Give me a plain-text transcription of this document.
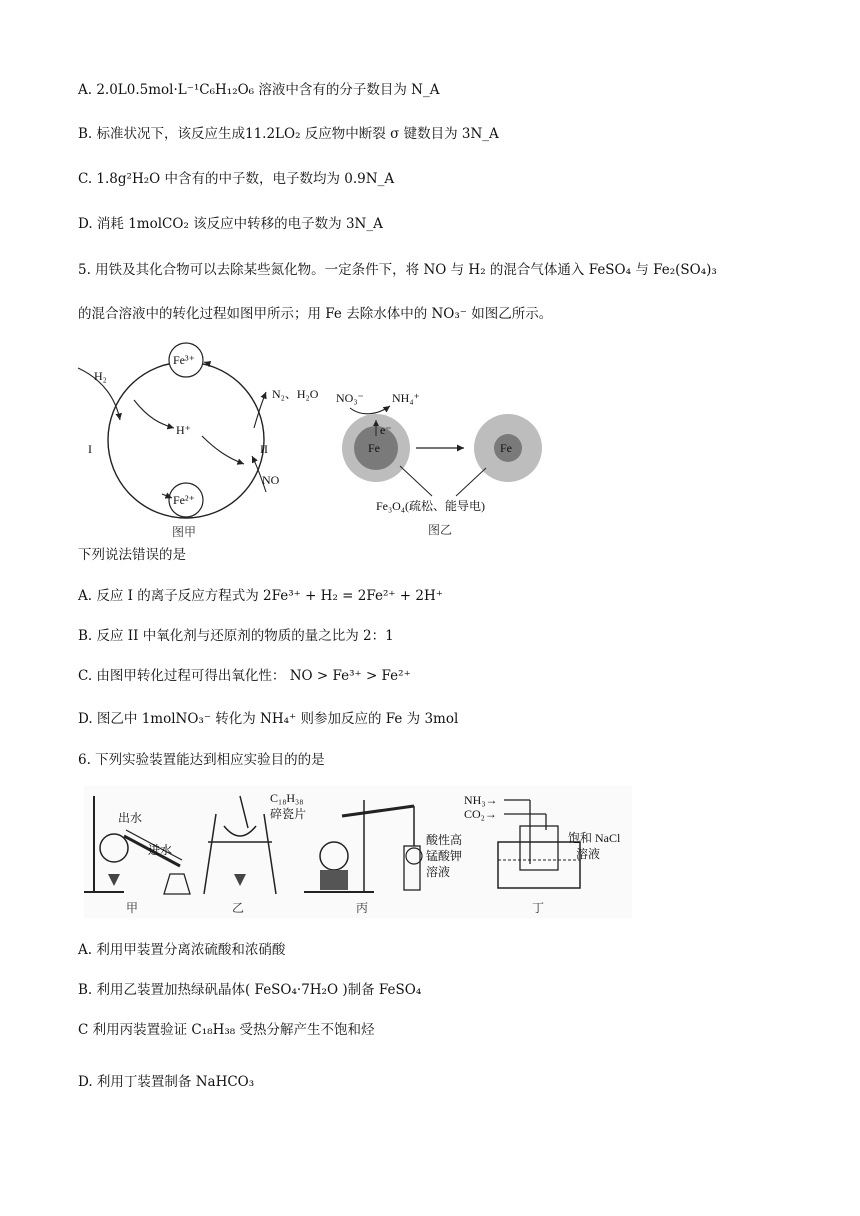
A. 2.0L0.5mol·L⁻¹C₆H₁₂O₆ 溶液中含有的分子数目为 N_A
B. 标准状况下，该反应生成11.2LO₂ 反应物中断裂 σ 键数目为 3N_A
C. 1.8g²H₂O 中含有的中子数，电子数均为 0.9N_A
D. 消耗 1molCO₂ 该反应中转移的电子数为 3N_A
5. 用铁及其化合物可以去除某些氮化物。一定条件下，将 NO 与 H₂ 的混合气体通入 FeSO₄ 与 Fe₂(SO₄)₃
的混合溶液中的转化过程如图甲所示；用 Fe 去除水体中的 NO₃⁻ 如图乙所示。
Fe³⁺
Fe²⁺
H₂
H⁺
I	II
N₂、H₂O
NO
图甲
NO₃⁻ NH₄⁺
Fe
e⁻
Fe
Fe₃O₄(疏松、能导电)
图乙
下列说法错误的是
A. 反应 I 的离子反应方程式为 2Fe³⁺ + H₂ = 2Fe²⁺ + 2H⁺
B. 反应 II 中氧化剂与还原剂的物质的量之比为 2：1
C. 由图甲转化过程可得出氧化性： NO > Fe³⁺ > Fe²⁺
D. 图乙中 1molNO₃⁻ 转化为 NH₄⁺ 则参加反应的 Fe 为 3mol
6. 下列实验装置能达到相应实验目的的是
出水
进水
甲	乙
C₁₈H₃₈
碎瓷片
酸性高
锰酸钾
溶液
丙
NH₃→
CO₂→
饱和 NaCl
溶液
丁
A. 利用甲装置分离浓硫酸和浓硝酸
B. 利用乙装置加热绿矾晶体( FeSO₄·7H₂O )制备 FeSO₄
C 利用丙装置验证 C₁₈H₃₈ 受热分解产生不饱和烃
D. 利用丁装置制备 NaHCO₃
